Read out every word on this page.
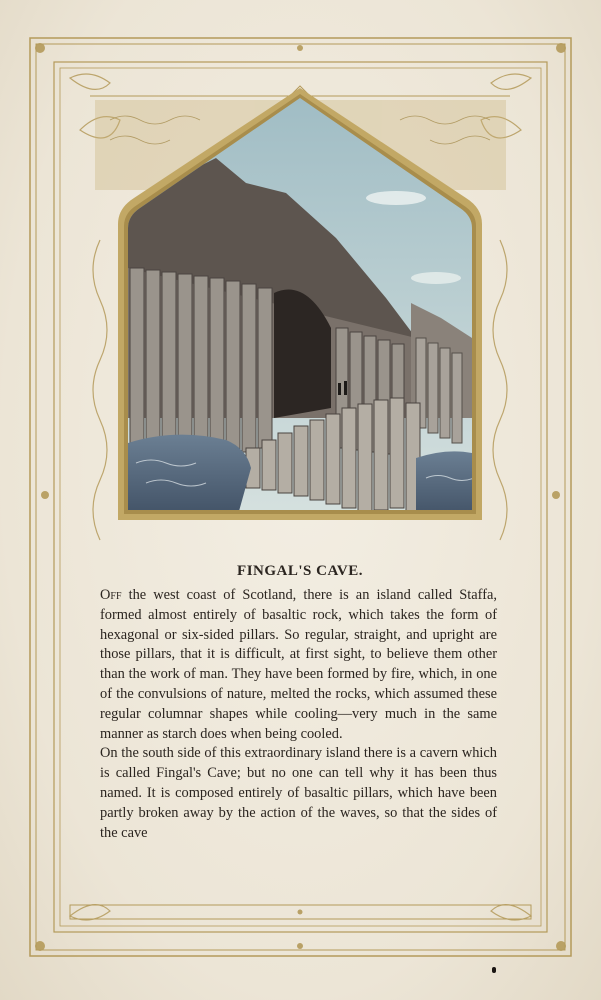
FINGAL'S CAVE.

Off the west coast of Scotland, there is an island called Staffa, formed almost entirely of basaltic rock, which takes the form of hexagonal or six-sided pillars. So regular, straight, and upright are those pillars, that it is difficult, at first sight, to believe them other than the work of man. They have been formed by fire, which, in one of the convulsions of nature, melted the rocks, which assumed these regular columnar shapes while cooling—very much in the same manner as starch does when being cooled.

On the south side of this extraordinary island there is a cavern which is called Fingal's Cave; but no one can tell why it has been thus named. It is composed entirely of basaltic pillars, which have been partly broken away by the action of the waves, so that the sides of the cave
